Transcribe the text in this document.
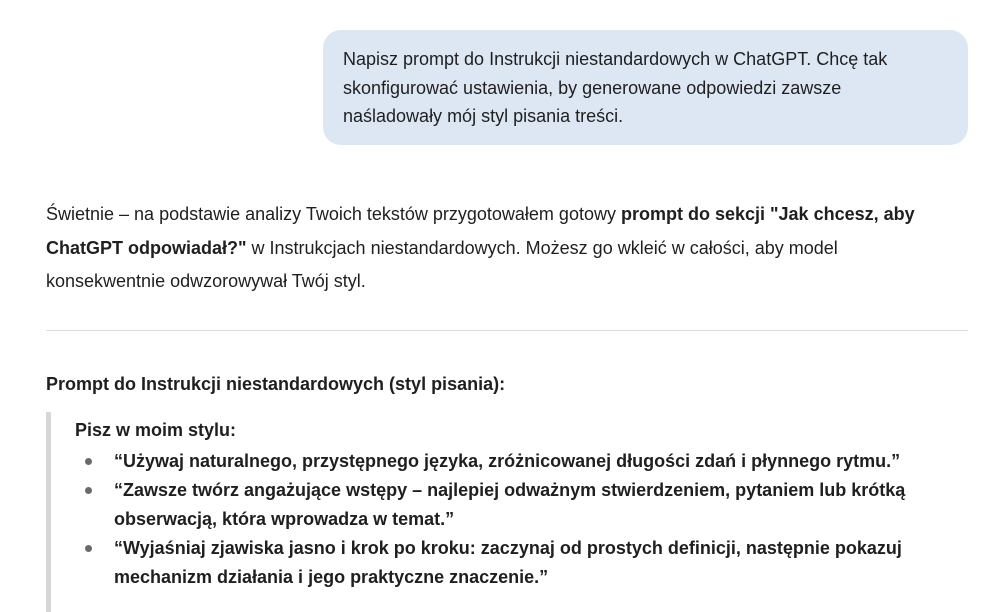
Napisz prompt do Instrukcji niestandardowych w ChatGPT. Chcę tak
skonfigurować ustawienia, by generowane odpowiedzi zawsze
naśladowały mój styl pisania treści.
Świetnie – na podstawie analizy Twoich tekstów przygotowałem gotowy prompt do sekcji "Jak chcesz, aby
ChatGPT odpowiadał?" w Instrukcjach niestandardowych. Możesz go wkleić w całości, aby model
konsekwentnie odwzorowywał Twój styl.
Prompt do Instrukcji niestandardowych (styl pisania):
Pisz w moim stylu:
“Używaj naturalnego, przystępnego języka, zróżnicowanej długości zdań i płynnego rytmu.”
“Zawsze twórz angażujące wstępy – najlepiej odważnym stwierdzeniem, pytaniem lub krótką
obserwacją, która wprowadza w temat.”
“Wyjaśniaj zjawiska jasno i krok po kroku: zaczynaj od prostych definicji, następnie pokazuj
mechanizm działania i jego praktyczne znaczenie.”
